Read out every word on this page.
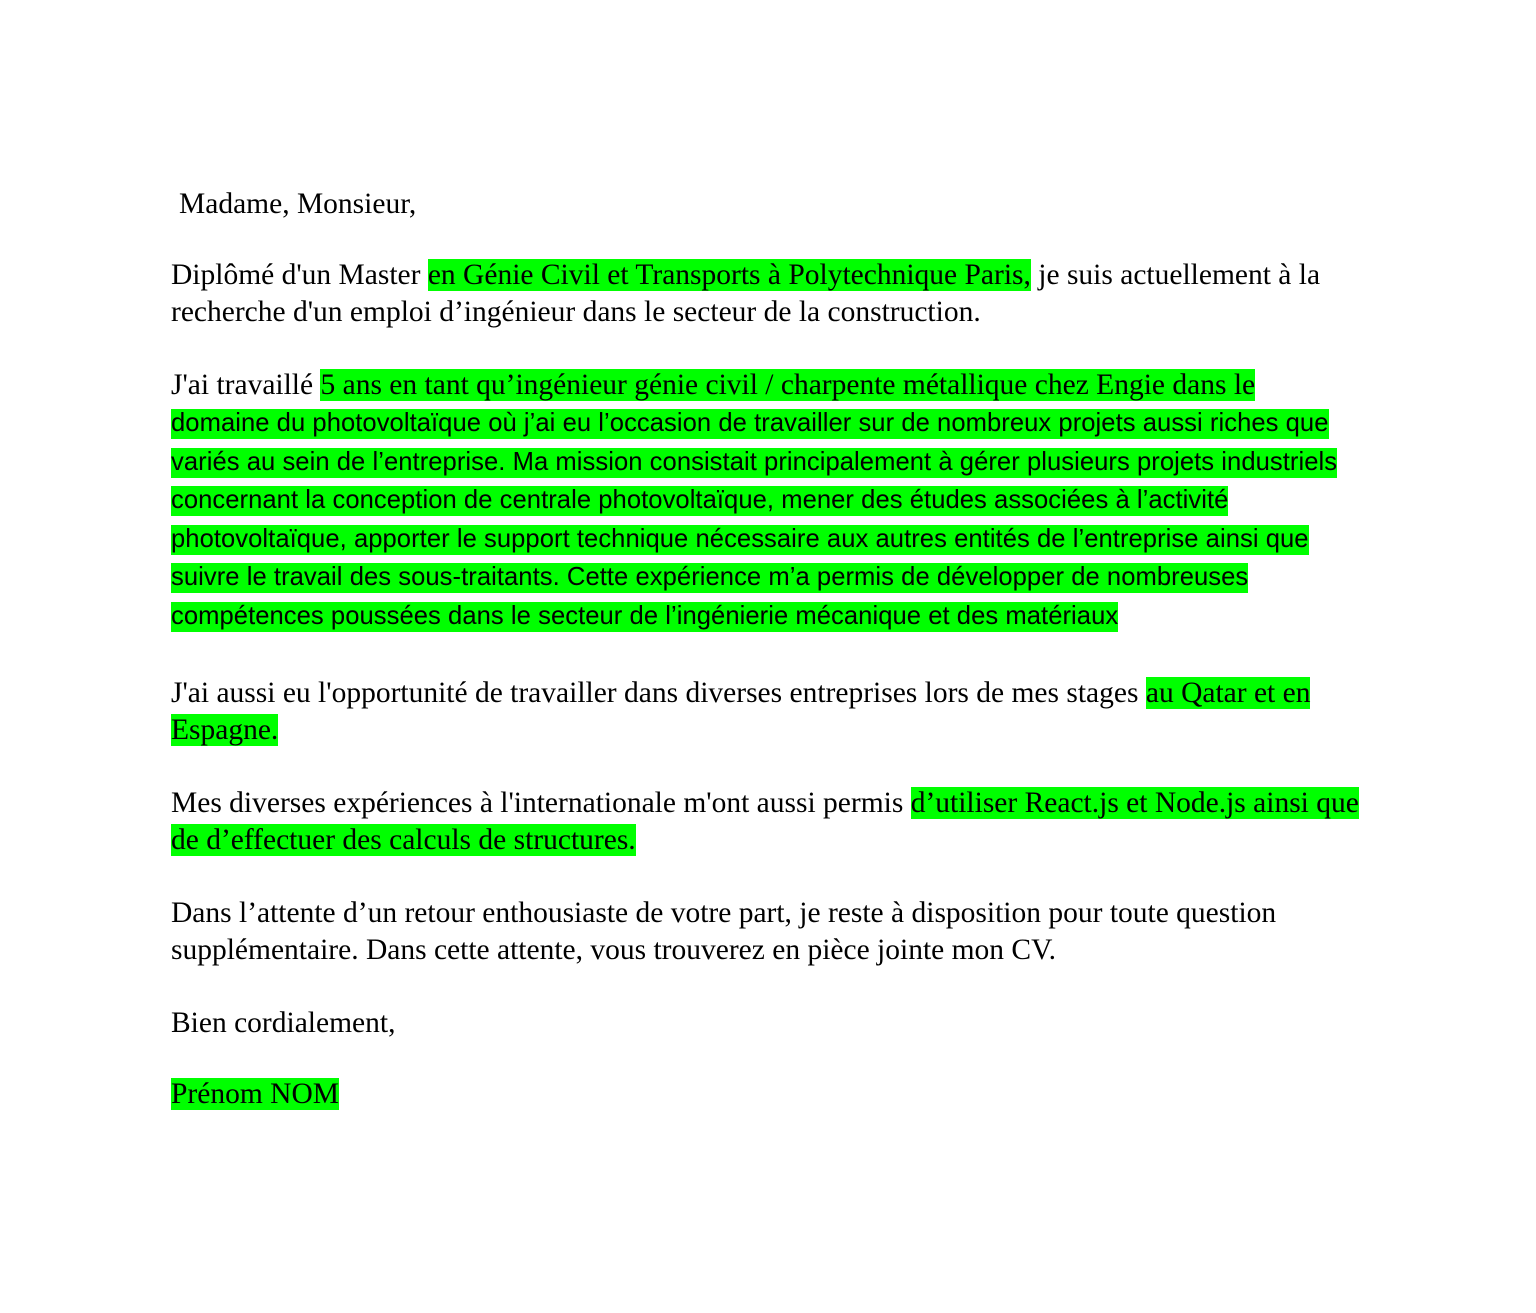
Madame, Monsieur,

Diplômé d'un Master en Génie Civil et Transports à Polytechnique Paris, je suis actuellement à la recherche d'un emploi d’ingénieur dans le secteur de la construction.

J'ai travaillé 5 ans en tant qu’ingénieur génie civil / charpente métallique chez Engie dans le
domaine du photovoltaïque où j’ai eu l’occasion de travailler sur de nombreux projets aussi riches que variés au sein de l’entreprise. Ma mission consistait principalement à gérer plusieurs projets industriels concernant la conception de centrale photovoltaïque, mener des études associées à l’activité photovoltaïque, apporter le support technique nécessaire aux autres entités de l’entreprise ainsi que suivre le travail des sous-traitants. Cette expérience m’a permis de développer de nombreuses compétences poussées dans le secteur de l’ingénierie mécanique et des matériaux

J'ai aussi eu l'opportunité de travailler dans diverses entreprises lors de mes stages au Qatar et en Espagne.

Mes diverses expériences à l'internationale m'ont aussi permis d’utiliser React.js et Node.js ainsi que de d’effectuer des calculs de structures.

Dans l’attente d’un retour enthousiaste de votre part, je reste à disposition pour toute question supplémentaire. Dans cette attente, vous trouverez en pièce jointe mon CV.

Bien cordialement,

Prénom NOM
